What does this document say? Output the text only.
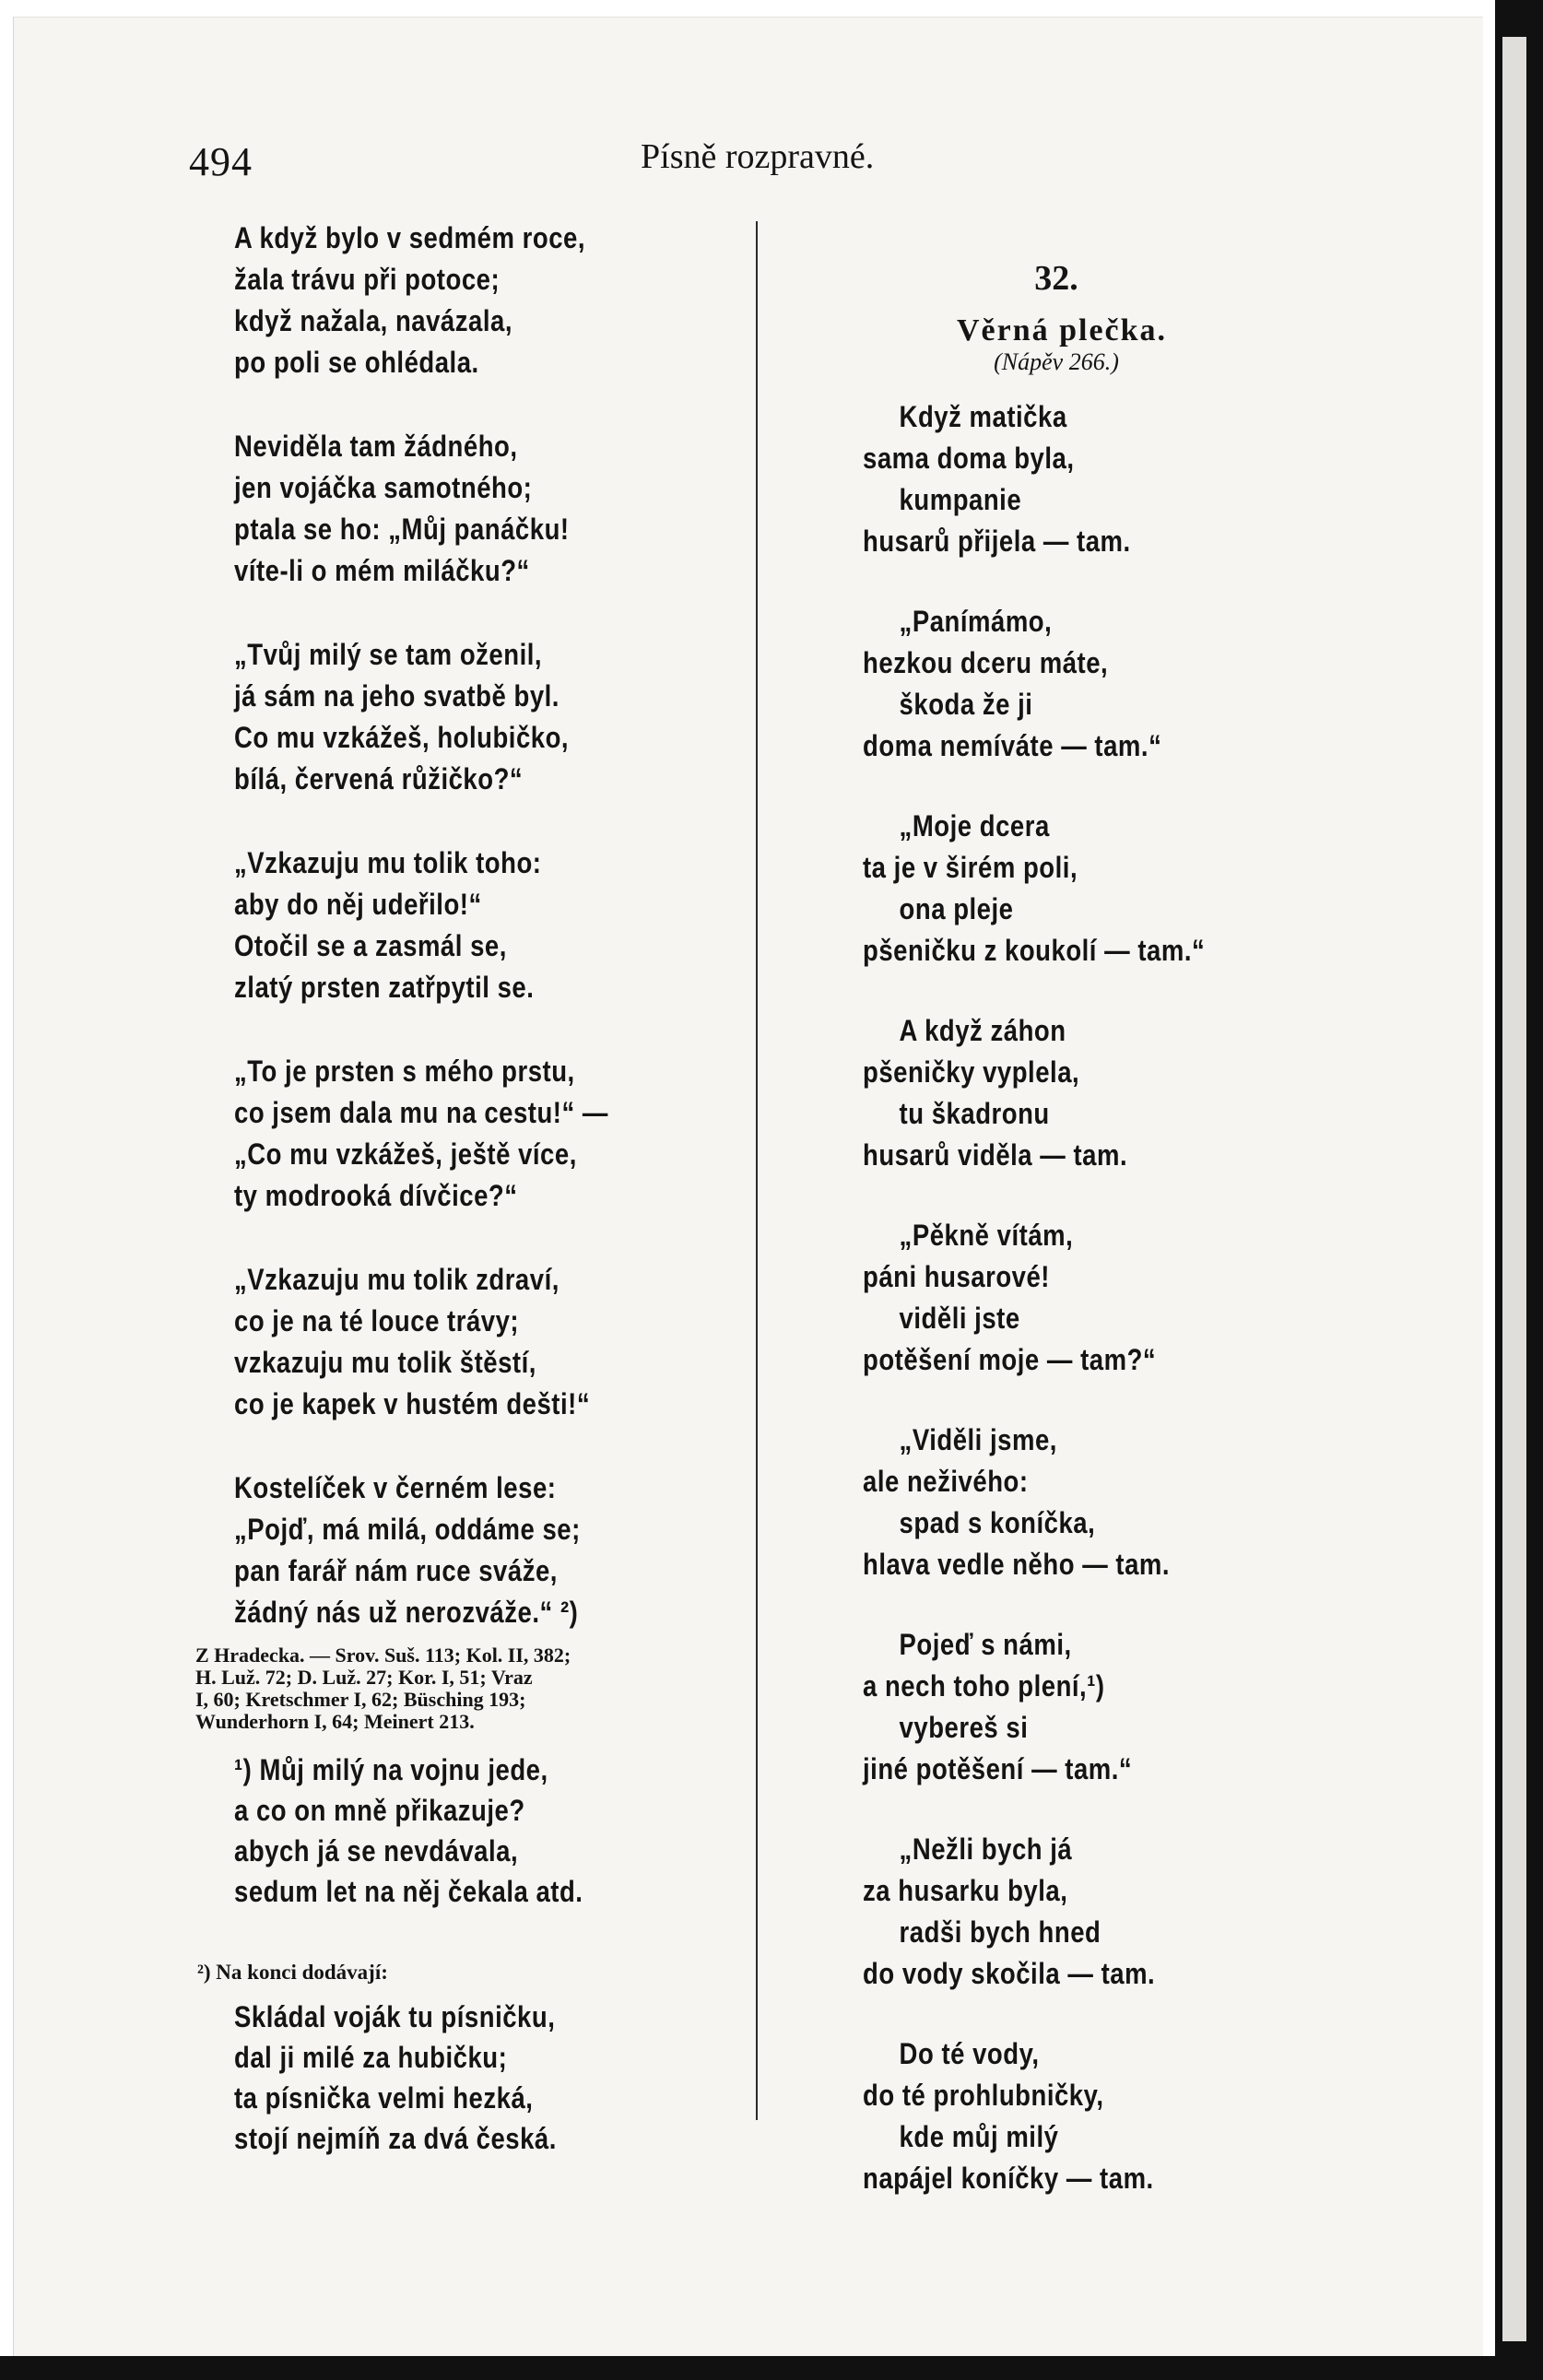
494	Písně rozpravné.
A když bylo v sedmém roce,
žala trávu při potoce;
když nažala, navázala,
po poli se ohlédala.
Neviděla tam žádného,
jen vojáčka samotného;
ptala se ho: „Můj panáčku!
víte-li o mém miláčku?“
„Tvůj milý se tam oženil,
já sám na jeho svatbě byl.
Co mu vzkážeš, holubičko,
bílá, červená růžičko?“
„Vzkazuju mu tolik toho:
aby do něj udeřilo!“
Otočil se a zasmál se,
zlatý prsten zatřpytil se.
„To je prsten s mého prstu,
co jsem dala mu na cestu!“ —
„Co mu vzkážeš, ještě více,
ty modrooká dívčice?“
„Vzkazuju mu tolik zdraví,
co je na té louce trávy;
vzkazuju mu tolik štěstí,
co je kapek v hustém dešti!“
Kostelíček v černém lese:
„Pojď, má milá, oddáme se;
pan farář nám ruce sváže,
žádný nás už nerozváže.“ ²)
Z Hradecka. — Srov. Suš. 113; Kol. II, 382;
H. Luž. 72; D. Luž. 27; Kor. I, 51; Vraz
I, 60; Kretschmer I, 62; Büsching 193;
Wunderhorn I, 64; Meinert 213.
¹) Můj milý na vojnu jede,
a co on mně přikazuje?
abych já se nevdávala,
sedum let na něj čekala atd.
²) Na konci dodávají:
Skládal voják tu písničku,
dal ji milé za hubičku;
ta písnička velmi hezká,
stojí nejmíň za dvá česká.
32.
Věrná plečka.
(Nápěv 266.)
Když matička
sama doma byla,
kumpanie
husarů přijela — tam.
„Panímámo,
hezkou dceru máte,
škoda že ji
doma nemíváte — tam.“
„Moje dcera
ta je v širém poli,
ona pleje
pšeničku z koukolí — tam.“
A když záhon
pšeničky vyplela,
tu škadronu
husarů viděla — tam.
„Pěkně vítám,
páni husarové!
viděli jste
potěšení moje — tam?“
„Viděli jsme,
ale neživého:
spad s koníčka,
hlava vedle něho — tam.
Pojeď s námi,
a nech toho plení,¹)
vybereš si
jiné potěšení — tam.“
„Nežli bych já
za husarku byla,
radši bych hned
do vody skočila — tam.
Do té vody,
do té prohlubničky,
kde můj milý
napájel koníčky — tam.
